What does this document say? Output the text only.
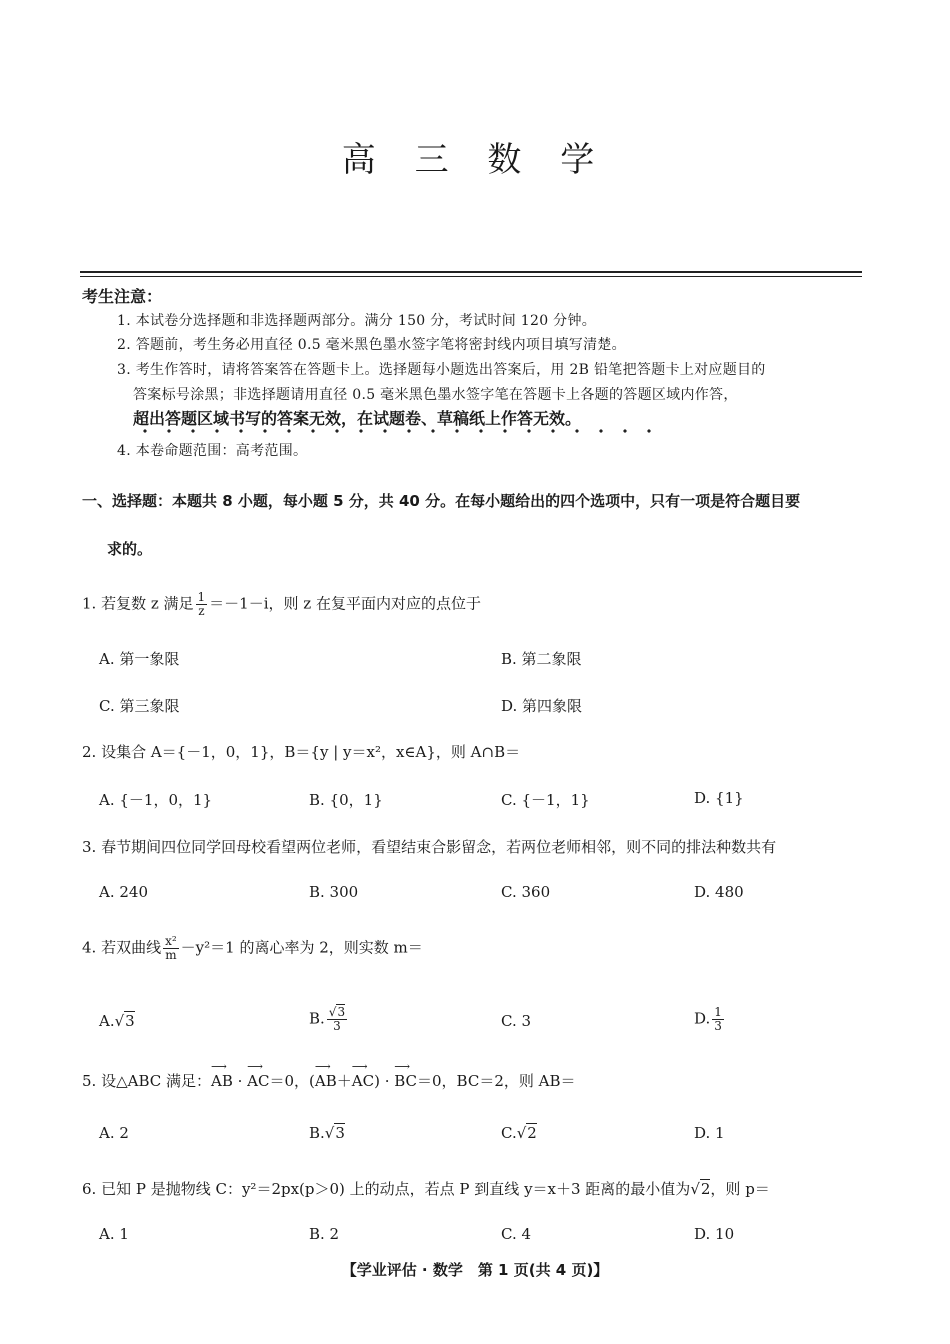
高 三 数 学
考生注意：
1. 本试卷分选择题和非选择题两部分。满分 150 分，考试时间 120 分钟。
2. 答题前，考生务必用直径 0.5 毫米黑色墨水签字笔将密封线内项目填写清楚。
3. 考生作答时，请将答案答在答题卡上。选择题每小题选出答案后，用 2B 铅笔把答题卡上对应题目的
答案标号涂黑；非选择题请用直径 0.5 毫米黑色墨水签字笔在答题卡上各题的答题区域内作答，
超出答题区域书写的答案无效，在试题卷、草稿纸上作答无效。
4. 本卷命题范围：高考范围。
一、选择题：本题共 8 小题，每小题 5 分，共 40 分。在每小题给出的四个选项中，只有一项是符合题目要
求的。
1. 若复数 z 满足 $\frac{1}{z} =-1-i$，则 z 在复平面内对应的点位于
A. 第一象限	B. 第二象限
C. 第三象限	D. 第四象限
2. 设集合 A＝{－1，0，1}，B＝{y | y＝x²，x∈A}，则 A∩B＝
A. {－1，0，1}	B. {0，1}	C. {－1，1}	D. {1}
3. 春节期间四位同学回母校看望两位老师，看望结束合影留念，若两位老师相邻，则不同的排法种数共有
A. 240	B. 300	C. 360	D. 480
4. 若双曲线 $\frac{\text{x²}}{m} -y^2=1$ 的离心率为 2，则实数 m＝
A.√3	B. $\frac{√3}{3}$	C. 3	D. $\frac{1}{3}$
5. 设△ABC 满足：AB
⟶
· AC
⟶
＝0，(AB
⟶
＋AC
⟶
) · BC
⟶
＝0，BC＝2，则 AB＝
A. 2	B.√3	C.√2	D. 1
6. 已知 P 是抛物线 C：y²＝2px(p＞0) 上的动点，若点 P 到直线 y＝x＋3 距离的最小值为√2，则 p＝
A. 1	B. 2	C. 4	D. 10
【学业评估 · 数学　第 1 页(共 4 页)】
